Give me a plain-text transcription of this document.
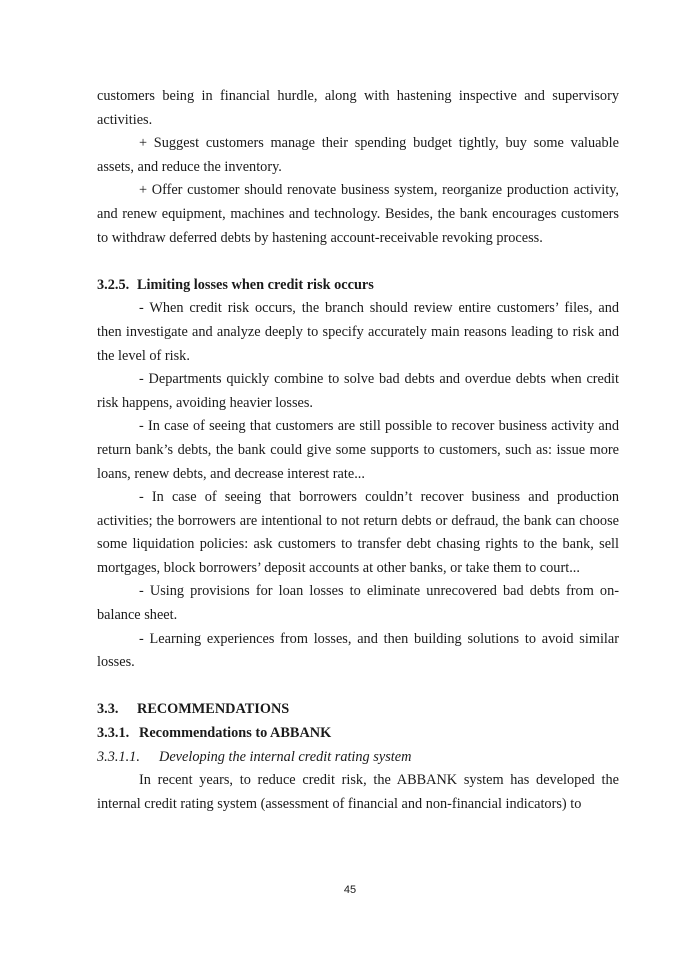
customers being in financial hurdle, along with hastening inspective and supervisory activities.

+ Suggest customers manage their spending budget tightly, buy some valuable assets, and reduce the inventory.

+ Offer customer should renovate business system, reorganize production activity, and renew equipment, machines and technology. Besides, the bank encourages customers to withdraw deferred debts by hastening account-receivable revoking process.

3.2.5. Limiting losses when credit risk occurs

- When credit risk occurs, the branch should review entire customers’ files, and then investigate and analyze deeply to specify accurately main reasons leading to risk and the level of risk.

- Departments quickly combine to solve bad debts and overdue debts when credit risk happens, avoiding heavier losses.

- In case of seeing that customers are still possible to recover business activity and return bank’s debts, the bank could give some supports to customers, such as: issue more loans, renew debts, and decrease interest rate...

- In case of seeing that borrowers couldn’t recover business and production activities; the borrowers are intentional to not return debts or defraud, the bank can choose some liquidation policies: ask customers to transfer debt chasing rights to the bank, sell mortgages, block borrowers’ deposit accounts at other banks, or take them to court...

- Using provisions for loan losses to eliminate unrecovered bad debts from on-balance sheet.

- Learning experiences from losses, and then building solutions to avoid similar losses.

3.3. RECOMMENDATIONS

3.3.1. Recommendations to ABBANK

3.3.1.1. Developing the internal credit rating system

In recent years, to reduce credit risk, the ABBANK system has developed the internal credit rating system (assessment of financial and non-financial indicators) to

45
